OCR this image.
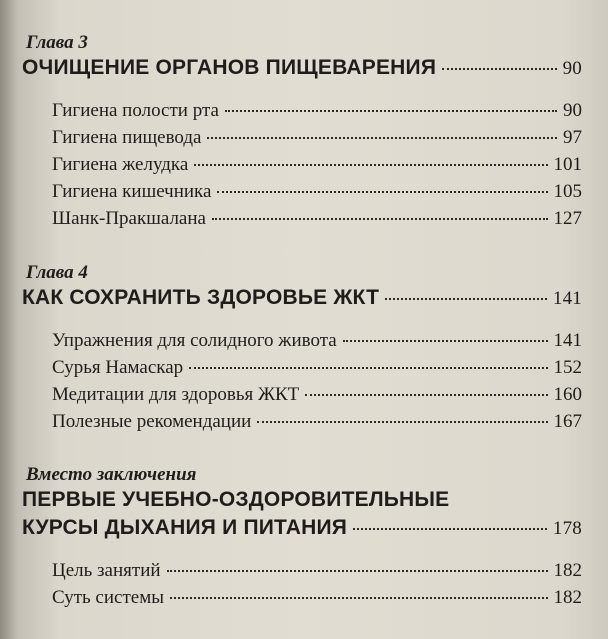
Глава 3
ОЧИЩЕНИЕ ОРГАНОВ ПИЩЕВАРЕНИЯ	90
Гигиена полости рта	90
Гигиена пищевода	97
Гигиена желудка	101
Гигиена кишечника	105
Шанк-Пракшалана	127
Глава 4
КАК СОХРАНИТЬ ЗДОРОВЬЕ ЖКТ	141
Упражнения для солидного живота	141
Сурья Намаскар	152
Медитации для здоровья ЖКТ	160
Полезные рекомендации	167
Вместо заключения
ПЕРВЫЕ УЧЕБНО-ОЗДОРОВИТЕЛЬНЫЕ
КУРСЫ ДЫХАНИЯ И ПИТАНИЯ	178
Цель занятий	182
Суть системы	182
